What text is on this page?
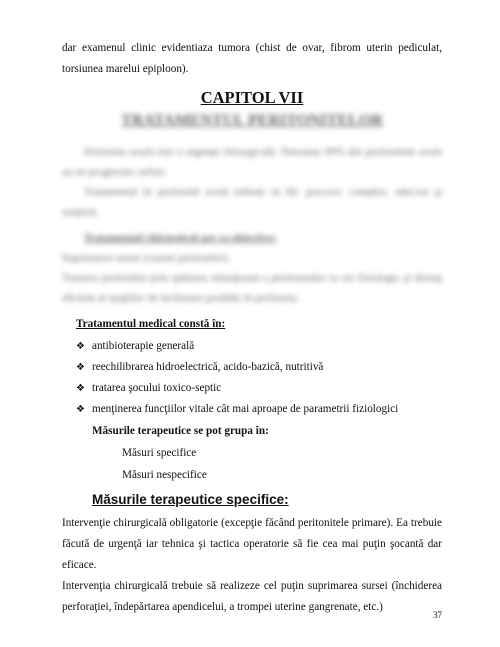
dar examenul clinic evidentiaza tumora (chist de ovar, fibrom uterin pediculat, torsiunea marelui epiploon).

CAPITOL VII
TRATAMENTUL PERITONITELOR

Peritonita acută este o urgenţă chirurgicală. Netratate 99% din peritonitele acute au un prognostic nefast.

Tratamentul în peritonită acută trebuie să fie: precoce, complex, adecvat şi susţinut.

Tratamentul chirurgical are ca obiective:

Suprimarea sursei (cauzei peritonitei).

Tratarea peritonitei prin spălarea minuţioasă a peritoneului cu ser fiziologic şi drenaj eficient al spaţiilor de închistare posibile în peritoneu.

Tratamentul medical constă în:
❖ antibioterapie generală
❖ reechilibrarea hidroelectrică, acido-bazică, nutritivă
❖ tratarea şocului toxico-septic
❖ menţinerea funcţiilor vitale cât mai aproape de parametrii fiziologici
Măsurile terapeutice se pot grupa în:
Măsuri specifice
Măsuri nespecifice
Măsurile terapeutice specifice:

Intervenţie chirurgicală obligatorie (excepţie făcând peritonitele primare). Ea trebuie făcută de urgenţă iar tehnica şi tactica operatorie să fie cea mai puţin şocantă dar eficace.

Intervenţia chirurgicală trebuie să realizeze cel puţin suprimarea sursei (închiderea perforaţiei, îndepărtarea apendicelui, a trompei uterine gangrenate, etc.)

37
